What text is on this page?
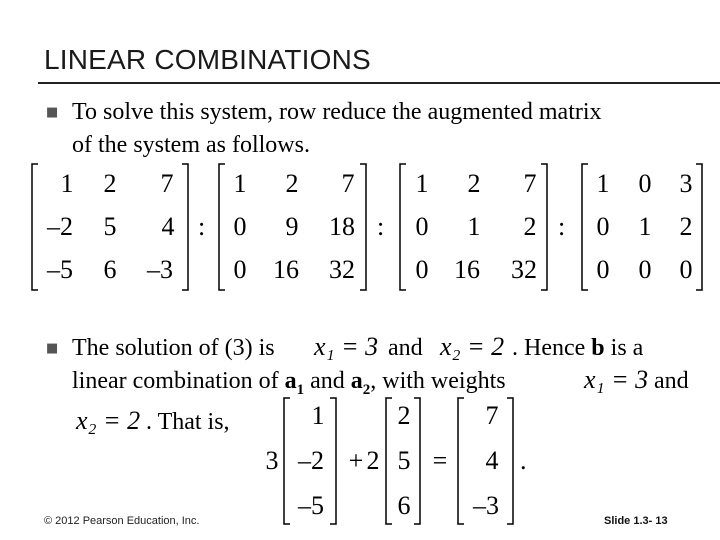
LINEAR COMBINATIONS
■ To solve this system, row reduce the augmented matrix
of the system as follows.
1 2 7
–2 5 4
–5 6 –3
:
1 2 7
0 9 18
0 16 32
:
1 2 7
0 1 2
0 16 32
:
1 0 3
0 1 2
0 0 0
■ The solution of (3) is x₁ = 3 and x₂ = 2 . Hence b is a
linear combination of $a_1$ and $a_2$, with weights	x₁ = 3 and
x₂ = 2 . That is,
3
1
–2
–5
+ 2
2
5
6
=
7
4
–3
.
© 2012 Pearson Education, Inc.	Slide 1.3- 13
